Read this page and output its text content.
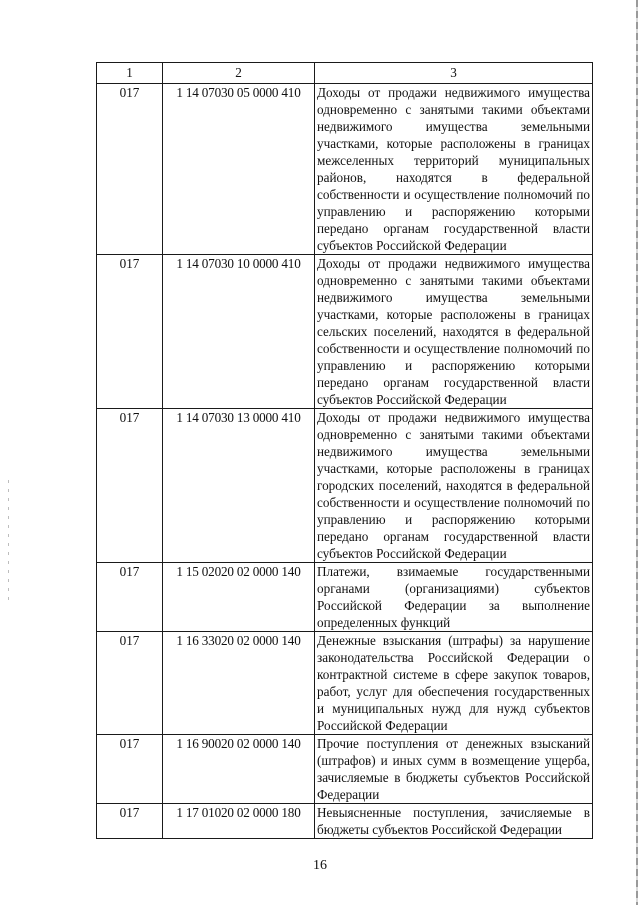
1	2	3
017	1 14 07030 05 0000 410	Доходы от продажи недвижимого имущества одновременно с занятыми такими объектами недвижимого имущества земельными участками, которые расположены в границах межселенных территорий муниципальных районов, находятся в федеральной собственности и осуществление полномочий по управлению и распоряжению которыми передано органам государственной власти субъектов Российской Федерации
017	1 14 07030 10 0000 410	Доходы от продажи недвижимого имущества одновременно с занятыми такими объектами недвижимого имущества земельными участками, которые расположены в границах сельских поселений, находятся в федеральной собственности и осуществление полномочий по управлению и распоряжению которыми передано органам государственной власти субъектов Российской Федерации
017	1 14 07030 13 0000 410	Доходы от продажи недвижимого имущества одновременно с занятыми такими объектами недвижимого имущества земельными участками, которые расположены в границах городских поселений, находятся в федеральной собственности и осуществление полномочий по управлению и распоряжению которыми передано органам государственной власти субъектов Российской Федерации
017	1 15 02020 02 0000 140	Платежи, взимаемые государственными органами (организациями) субъектов Российской Федерации за выполнение определенных функций
017	1 16 33020 02 0000 140	Денежные взыскания (штрафы) за нарушение законодательства Российской Федерации о контрактной системе в сфере закупок товаров, работ, услуг для обеспечения государственных и муниципальных нужд для нужд субъектов Российской Федерации
017	1 16 90020 02 0000 140	Прочие поступления от денежных взысканий (штрафов) и иных сумм в возмещение ущерба, зачисляемые в бюджеты субъектов Российской Федерации
017	1 17 01020 02 0000 180	Невыясненные поступления, зачисляемые в бюджеты субъектов Российской Федерации
16
